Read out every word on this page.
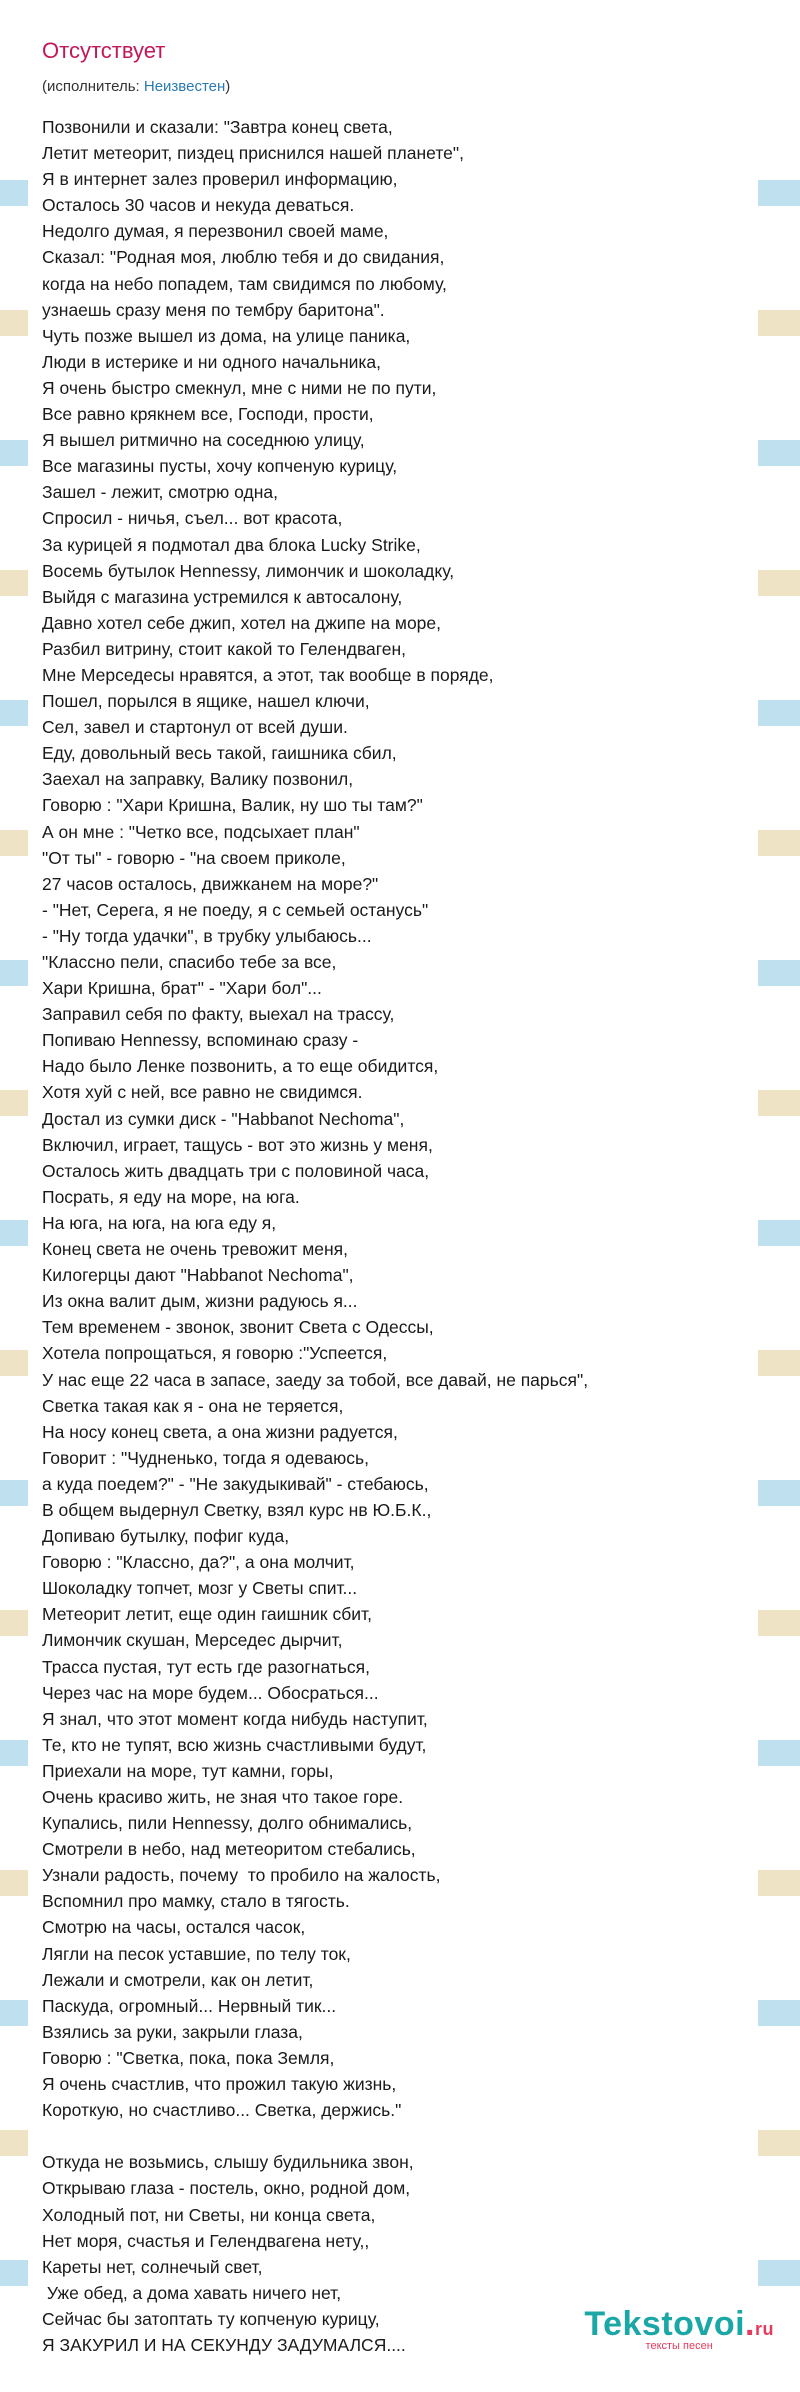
Отсутствует
(исполнитель: Неизвестен)
Позвонили и сказали: "Завтра конец света,
Летит метеорит, пиздец приснился нашей планете",
Я в интернет залез проверил информацию,
Осталось 30 часов и некуда деваться.
Недолго думая, я перезвонил своей маме,
Сказал: "Родная моя, люблю тебя и до свидания,
когда на небо попадем, там свидимся по любому,
узнаешь сразу меня по тембру баритона".
Чуть позже вышел из дома, на улице паника,
Люди в истерике и ни одного начальника,
Я очень быстро смекнул, мне с ними не по пути,
Все равно крякнем все, Господи, прости,
Я вышел ритмично на соседнюю улицу,
Все магазины пусты, хочу копченую курицу,
Зашел - лежит, смотрю одна,
Спросил - ничья, съел... вот красота,
За курицей я подмотал два блока Lucky Strike,
Восемь бутылок Hennessy, лимончик и шоколадку,
Выйдя с магазина устремился к автосалону,
Давно хотел себе джип, хотел на джипе на море,
Разбил витрину, стоит какой то Гелендваген,
Мне Мерседесы нравятся, а этот, так вообще в поряде,
Пошел, порылся в ящике, нашел ключи,
Сел, завел и стартонул от всей души.
Еду, довольный весь такой, гаишника сбил,
Заехал на заправку, Валику позвонил,
Говорю : "Хари Кришна, Валик, ну шо ты там?"
А он мне : "Четко все, подсыхает план"
"От ты" - говорю - "на своем приколе,
27 часов осталось, движканем на море?"
- "Нет, Серега, я не поеду, я с семьей останусь"
- "Ну тогда удачки", в трубку улыбаюсь...
"Классно пели, спасибо тебе за все,
Хари Кришна, брат" - "Хари бол"...
Заправил себя по факту, выехал на трассу,
Попиваю Hennessy, вспоминаю сразу -
Надо было Ленке позвонить, а то еще обидится,
Хотя хуй с ней, все равно не свидимся.
Достал из сумки диск - "Habbanot Nechoma",
Включил, играет, тащусь - вот это жизнь у меня,
Осталось жить двадцать три с половиной часа,
Посрать, я еду на море, на юга.
На юга, на юга, на юга еду я,
Конец света не очень тревожит меня,
Килогерцы дают "Habbanot Nechoma",
Из окна валит дым, жизни радуюсь я...
Тем временем - звонок, звонит Света с Одессы,
Хотела попрощаться, я говорю :"Успеется,
У нас еще 22 часа в запасе, заеду за тобой, все давай, не парься",
Светка такая как я - она не теряется,
На носу конец света, а она жизни радуется,
Говорит : "Чудненько, тогда я одеваюсь,
а куда поедем?" - "Не закудыкивай" - стебаюсь,
В общем выдернул Светку, взял курс нв Ю.Б.К.,
Допиваю бутылку, пофиг куда,
Говорю : "Классно, да?", а она молчит,
Шоколадку топчет, мозг у Светы спит...
Метеорит летит, еще один гаишник сбит,
Лимончик скушан, Мерседес дырчит,
Трасса пустая, тут есть где разогнаться,
Через час на море будем... Обосраться...
Я знал, что этот момент когда нибудь наступит,
Те, кто не тупят, всю жизнь счастливыми будут,
Приехали на море, тут камни, горы,
Очень красиво жить, не зная что такое горе.
Купались, пили Hennessy, долго обнимались,
Смотрели в небо, над метеоритом стебались,
Узнали радость, почему  то пробило на жалость,
Вспомнил про мамку, стало в тягость.
Смотрю на часы, остался часок,
Лягли на песок уставшие, по телу ток,
Лежали и смотрели, как он летит,
Паскуда, огромный... Нервный тик...
Взялись за руки, закрыли глаза,
Говорю : "Светка, пока, пока Земля,
Я очень счастлив, что прожил такую жизнь,
Короткую, но счастливо... Светка, держись."

Откуда не возьмись, слышу будильника звон,
Открываю глаза - постель, окно, родной дом,
Холодный пот, ни Светы, ни конца света,
Нет моря, счастья и Гелендвагена нету,,
Кареты нет, солнечый свет,
Уже обед, а дома хавать ничего нет,
Сейчас бы затоптать ту копченую курицу,
Я ЗАКУРИЛ И НА СЕКУНДУ ЗАДУМАЛСЯ....
Tekstovoi.ru
тексты песен
